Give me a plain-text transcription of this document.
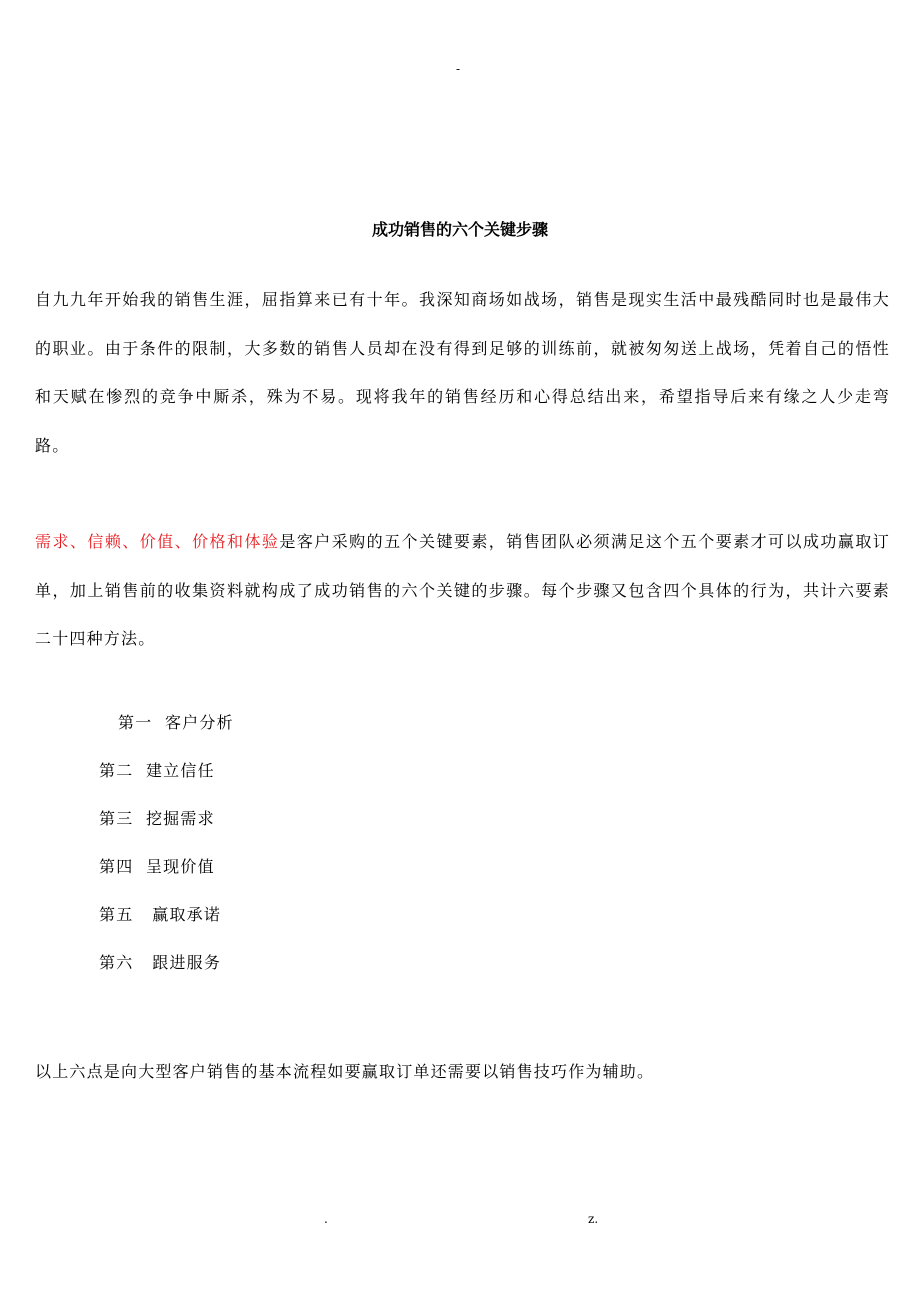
-
成功销售的六个关键步骤

自九九年开始我的销售生涯，屈指算来已有十年。我深知商场如战场，销售是现实生活中最残酷同时也是最伟大的职业。由于条件的限制，大多数的销售人员却在没有得到足够的训练前，就被匆匆送上战场，凭着自己的悟性和天赋在惨烈的竞争中厮杀，殊为不易。现将我年的销售经历和心得总结出来，希望指导后来有缘之人少走弯路。

需求、信赖、价值、价格和体验是客户采购的五个关键要素，销售团队必须满足这个五个要素才可以成功赢取订单，加上销售前的收集资料就构成了成功销售的六个关键的步骤。每个步骤又包含四个具体的行为，共计六要素二十四种方法。

第一  客户分析
第二  建立信任
第三  挖掘需求
第四  呈现价值
第五   赢取承诺
第六   跟进服务

以上六点是向大型客户销售的基本流程如要赢取订单还需要以销售技巧作为辅助。

.	z.
